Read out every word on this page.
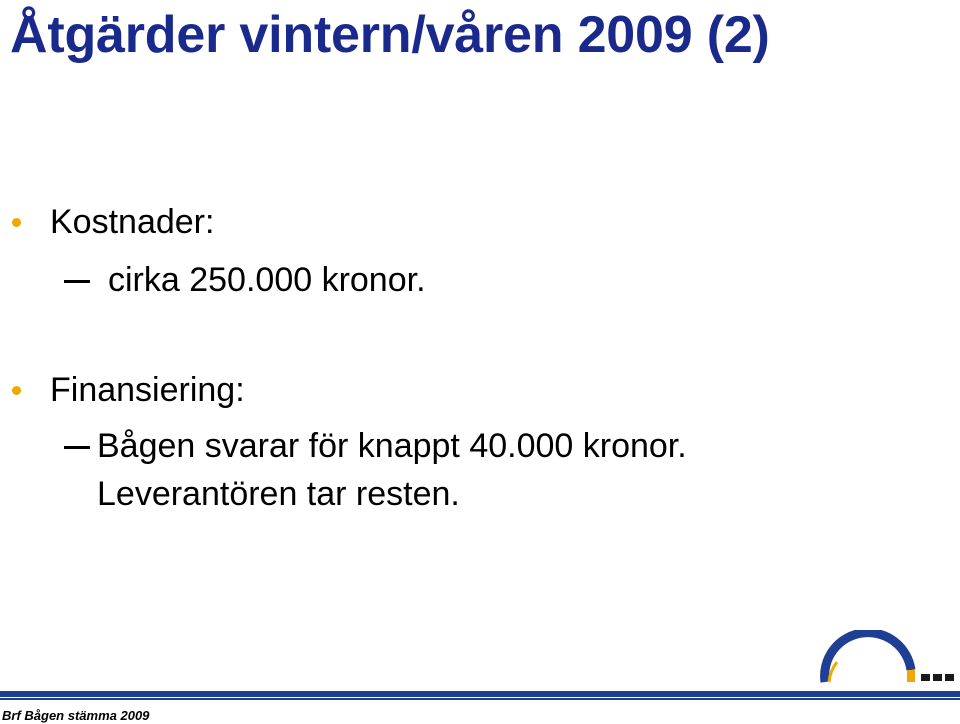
Åtgärder vintern/våren 2009 (2)
Kostnader:
cirka 250.000 kronor.
Finansiering:
Bågen svarar för knappt 40.000 kronor.
Leverantören tar resten.
Brf Bågen stämma 2009
